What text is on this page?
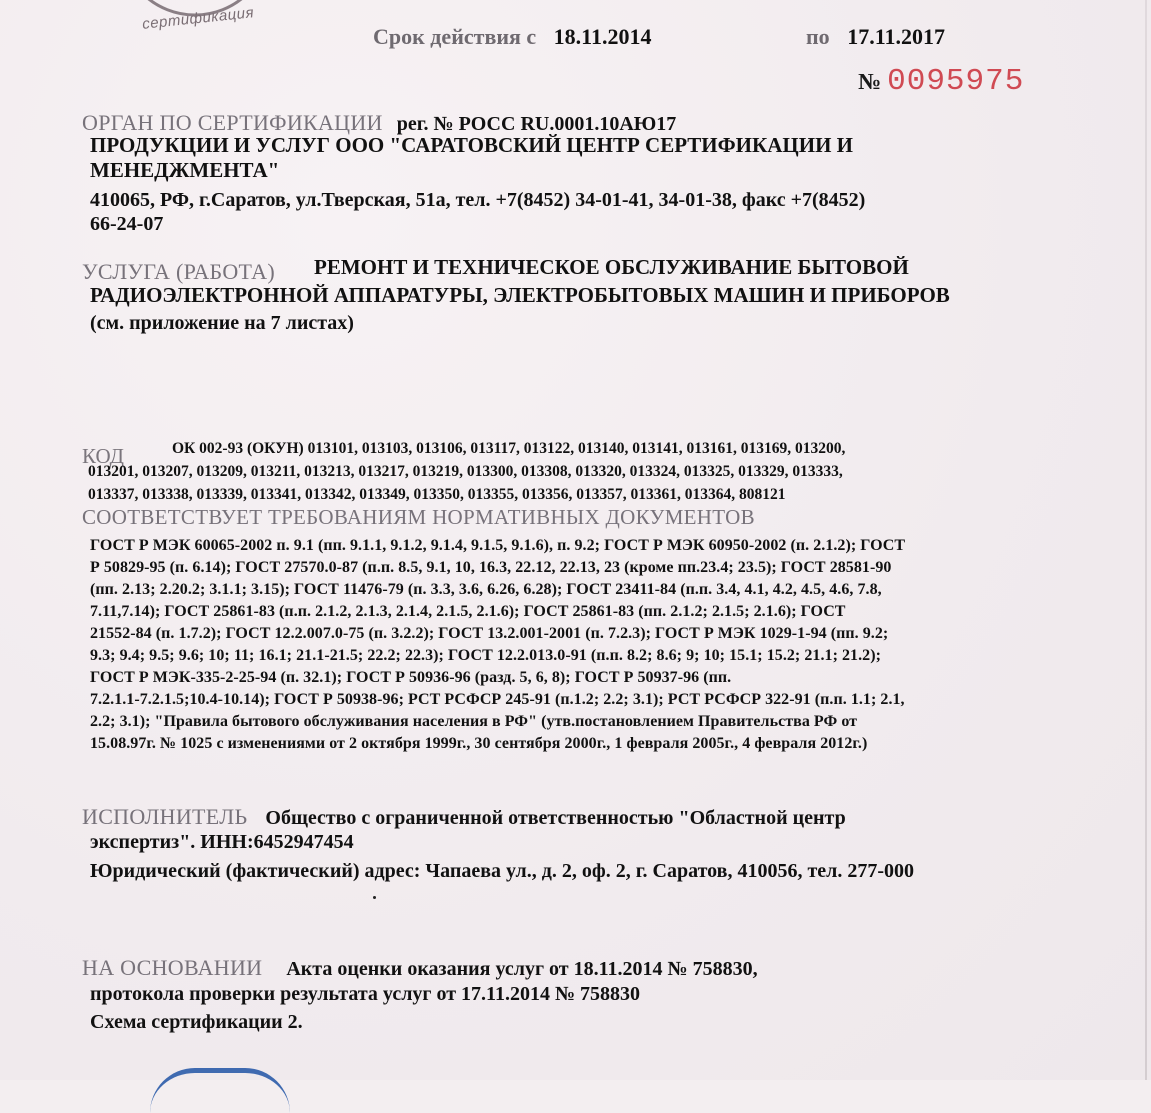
сертификация
Срок действия с 18.11.2014	по 17.11.2017
№ 0095975
ОРГАН ПО СЕРТИФИКАЦИИ рег. № РОСС RU.0001.10АЮ17
ПРОДУКЦИИ И УСЛУГ ООО "САРАТОВСКИЙ ЦЕНТР СЕРТИФИКАЦИИ И
МЕНЕДЖМЕНТА"
410065, РФ, г.Саратов, ул.Тверская, 51а, тел. +7(8452) 34-01-41, 34-01-38, факс +7(8452)
66-24-07
УСЛУГА (РАБОТА) РЕМОНТ И ТЕХНИЧЕСКОЕ ОБСЛУЖИВАНИЕ БЫТОВОЙ
РАДИОЭЛЕКТРОННОЙ АППАРАТУРЫ, ЭЛЕКТРОБЫТОВЫХ МАШИН И ПРИБОРОВ
(см. приложение на 7 листах)
КОД	ОК 002-93 (ОКУН) 013101, 013103, 013106, 013117, 013122, 013140, 013141, 013161, 013169, 013200,
013201, 013207, 013209, 013211, 013213, 013217, 013219, 013300, 013308, 013320, 013324, 013325, 013329, 013333,
013337, 013338, 013339, 013341, 013342, 013349, 013350, 013355, 013356, 013357, 013361, 013364, 808121
СООТВЕТСТВУЕТ ТРЕБОВАНИЯМ НОРМАТИВНЫХ ДОКУМЕНТОВ
ГОСТ Р МЭК 60065-2002 п. 9.1 (пп. 9.1.1, 9.1.2, 9.1.4, 9.1.5, 9.1.6), п. 9.2; ГОСТ Р МЭК 60950-2002 (п. 2.1.2); ГОСТ
Р 50829-95 (п. 6.14); ГОСТ 27570.0-87 (п.п. 8.5, 9.1, 10, 16.3, 22.12, 22.13, 23 (кроме пп.23.4; 23.5); ГОСТ 28581-90
(пп. 2.13; 2.20.2; 3.1.1; 3.15); ГОСТ 11476-79 (п. 3.3, 3.6, 6.26, 6.28); ГОСТ 23411-84 (п.п. 3.4, 4.1, 4.2, 4.5, 4.6, 7.8,
7.11,7.14); ГОСТ 25861-83 (п.п. 2.1.2, 2.1.3, 2.1.4, 2.1.5, 2.1.6); ГОСТ 25861-83 (пп. 2.1.2; 2.1.5; 2.1.6); ГОСТ
21552-84 (п. 1.7.2); ГОСТ 12.2.007.0-75 (п. 3.2.2); ГОСТ 13.2.001-2001 (п. 7.2.3); ГОСТ Р МЭК 1029-1-94 (пп. 9.2;
9.3; 9.4; 9.5; 9.6; 10; 11; 16.1; 21.1-21.5; 22.2; 22.3); ГОСТ 12.2.013.0-91 (п.п. 8.2; 8.6; 9; 10; 15.1; 15.2; 21.1; 21.2);
ГОСТ Р МЭК-335-2-25-94 (п. 32.1); ГОСТ Р 50936-96 (разд. 5, 6, 8); ГОСТ Р 50937-96 (пп.
7.2.1.1-7.2.1.5;10.4-10.14); ГОСТ Р 50938-96; РСТ РСФСР 245-91 (п.1.2; 2.2; 3.1); РСТ РСФСР 322-91 (п.п. 1.1; 2.1,
2.2; 3.1); "Правила бытового обслуживания населения в РФ" (утв.постановлением Правительства РФ от
15.08.97г. № 1025 с изменениями от 2 октября 1999г., 30 сентября 2000г., 1 февраля 2005г., 4 февраля 2012г.)
ИСПОЛНИТЕЛЬ Общество с ограниченной ответственностью "Областной центр
экспертиз". ИНН:6452947454
Юридический (фактический) адрес: Чапаева ул., д. 2, оф. 2, г. Саратов, 410056, тел. 277-000
НА ОСНОВАНИИ Акта оценки оказания услуг от 18.11.2014 № 758830,
протокола проверки результата услуг от 17.11.2014 № 758830
Схема сертификации 2.
